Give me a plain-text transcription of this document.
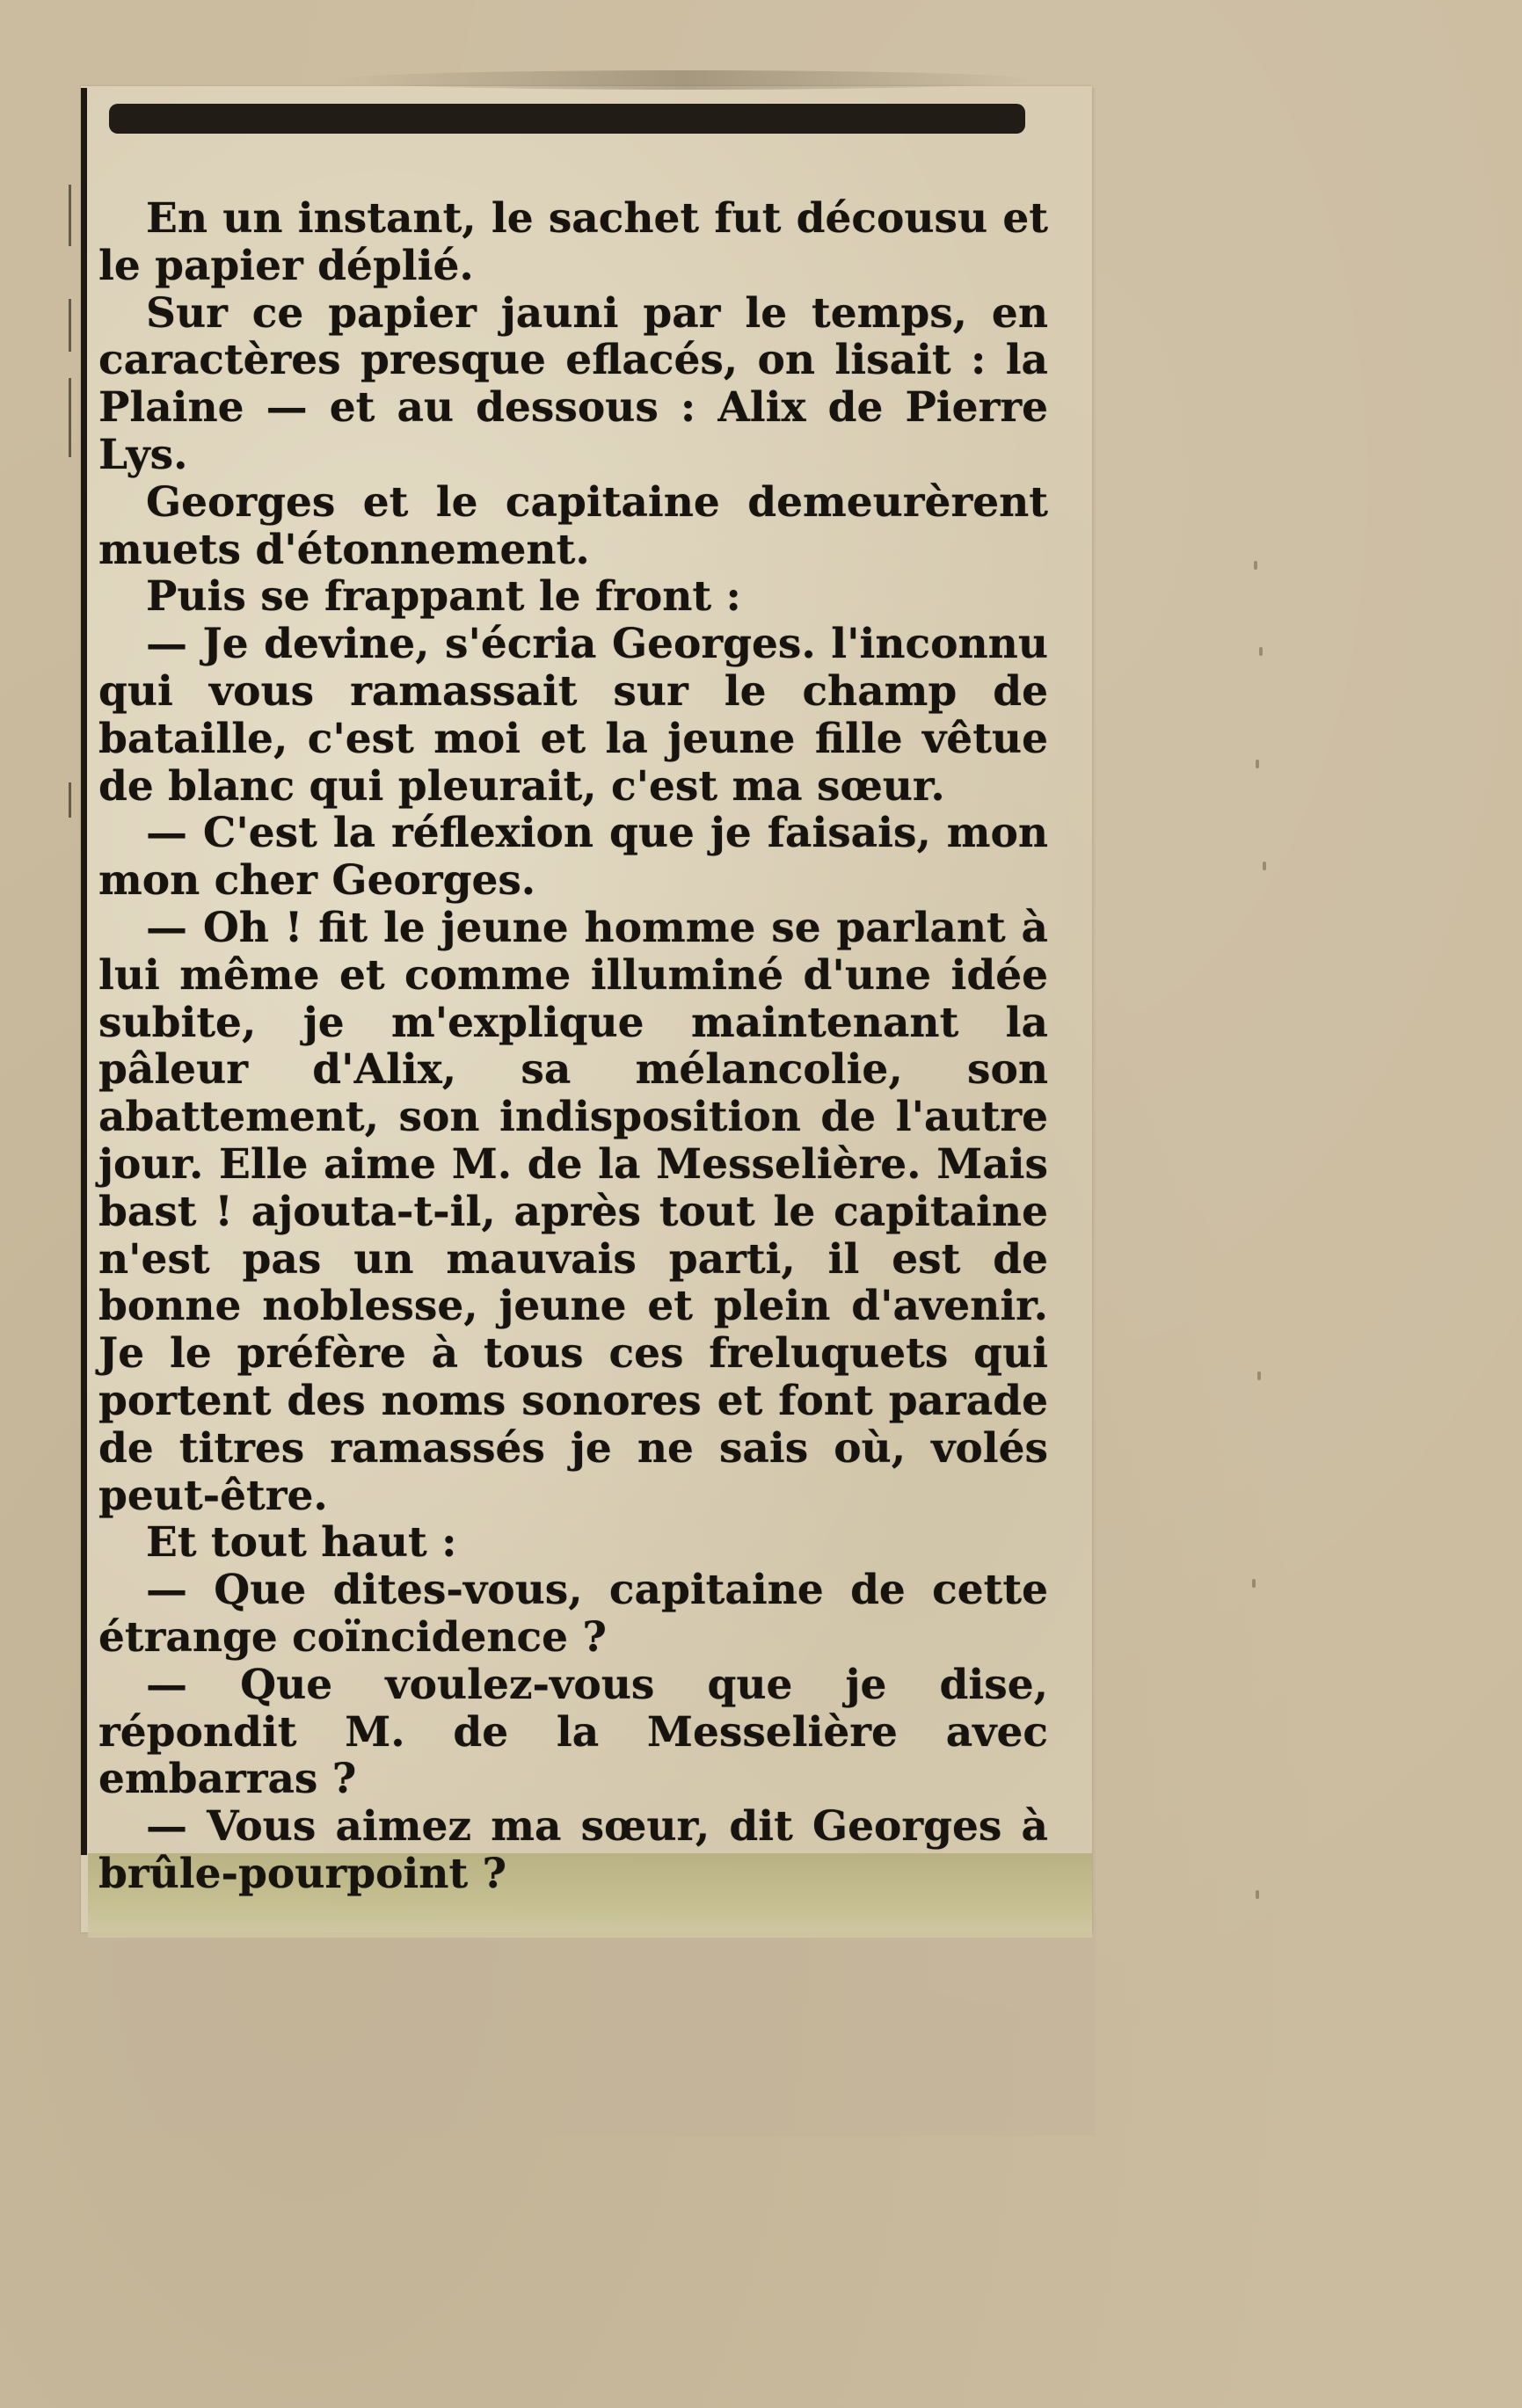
En un instant, le sachet fut décousu et le papier déplié.

Sur ce papier jauni par le temps, en caractères presque eflacés, on lisait : la Plaine — et au dessous : Alix de Pierre Lys.

Georges et le capitaine demeurèrent muets d'étonnement.

Puis se frappant le front :

— Je devine, s'écria Georges. l'inconnu qui vous ramassait sur le champ de bataille, c'est moi et la jeune fille vêtue de blanc qui pleurait, c'est ma sœur.

— C'est la réflexion que je faisais, mon mon cher Georges.

— Oh ! fit le jeune homme se parlant à lui même et comme illuminé d'une idée subite, je m'explique maintenant la pâleur d'Alix, sa mélancolie, son abattement, son indisposition de l'autre jour. Elle aime M. de la Messelière. Mais bast ! ajouta-t-il, après tout le capitaine n'est pas un mauvais parti, il est de bonne noblesse, jeune et plein d'avenir. Je le préfère à tous ces freluquets qui portent des noms sonores et font parade de titres ramassés je ne sais où, volés peut-être.

Et tout haut :

— Que dites-vous, capitaine de cette étrange coïncidence ?

— Que voulez-vous que je dise, répondit M. de la Messelière avec embarras ?

— Vous aimez ma sœur, dit Georges à brûle-pourpoint ?
